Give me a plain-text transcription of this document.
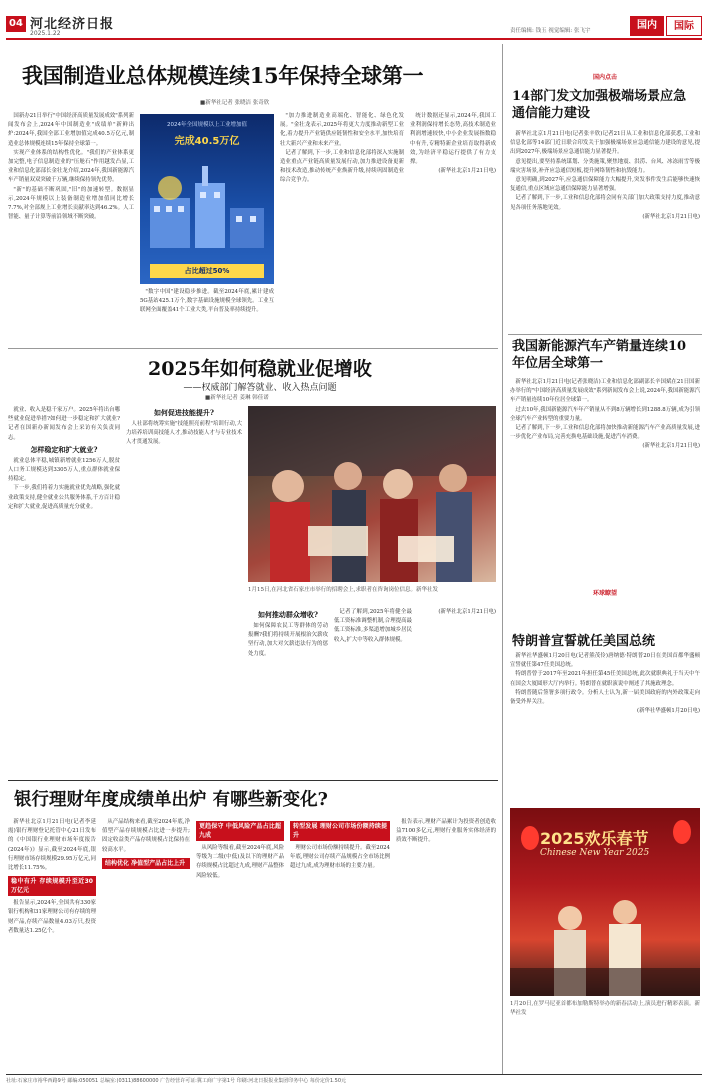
04 河北经济日报
2025.1.22	责任编辑: 钱玉 视觉编辑: 张飞宇	国内	国际
我国制造业总体规模连续15年保持全球第一
■新华社记者 张晓洁 张奇欣

国新办21日举行"中国经济高质量发展成效"系列新闻发布会上,2024年中国制造业"成绩单"新鲜出炉:2024年,我国全部工业增加值完成40.5万亿元,制造业总体规模连续15年保持全球第一。

实现产业体系的结构性优化。"我们的产业体系更加完整,电子信息制造业的"压舱石"作用越发凸显,工业和信息化部部长金壮龙介绍,2024年,我国新能源汽车产销量双双突破千万辆,继续保持领先优势。

"新"的基础不断巩固,"旧"的加速转型。数据显示,2024年规模以上装备制造业增加值同比增长7.7%,对全部规上工业增长贡献率达到46.2%。人工智能、量子计算等前沿领域不断突破。

2024年全国规模以上工业增加值
完成40.5万亿
占比超过50%

"数字中国"建设稳步推进。截至2024年底,累计建成5G基站425.1万个,数字基础设施规模全球领先。工业互联网全面覆盖41个工业大类,平台普及率持续提升。

"加力推进制造业高端化、智能化、绿色化发展。"金壮龙表示,2025年将更大力度推动新型工业化,着力提升产业链供应链韧性和安全水平,加快培育壮大新兴产业和未来产业。

记者了解到,下一步,工业和信息化部将深入实施制造业重点产业链高质量发展行动,加力推进设备更新和技术改造,推动传统产业焕新升级,持续巩固制造业综合竞争力。

统计数据还显示,2024年,我国工业利润保持增长态势,高技术制造业利润增速较快,中小企业发展指数稳中有升,专精特新企业培育取得新成效,为经济平稳运行提供了有力支撑。

(新华社北京1月21日电)

2025年如何稳就业促增收
——权威部门解答就业、收入热点问题
■新华社记者 姜琳 韩佳诺

就业、收入是稳千家万户。2025年将出台哪些就业促进举措?如何进一步稳定和扩大就业?记者在国新办新闻发布会上采访有关负责同志。

怎样稳定和扩大就业?

就业总体平稳,城镇新增就业1256万人,脱贫人口务工规模达到3305万人,重点群体就业保持稳定。

下一步,我们将着力实施就业优先战略,强化就业政策支持,健全就业公共服务体系,千方百计稳定和扩大就业,促进高质量充分就业。

如何促进技能提升?

人社部将统筹实施"技能照亮前程"培训行动,大力培养培训高技能人才,推动技能人才与专业技术人才贯通发展。

1月15日,在河北省石家庄市举行的招聘会上,求职者在咨询岗位信息。新华社发
如何推动群众增收?

如何保障农民工等群体的劳动报酬?我们将持续开展根治欠薪攻坚行动,加大对欠薪违法行为的惩处力度。

记者了解到,2025年将健全最低工资标准调整机制,合理提高最低工资标准,多渠道增加城乡居民收入,扩大中等收入群体规模。

(新华社北京1月21日电)

银行理财年度成绩单出炉 有哪些新变化?

新华社北京1月21日电(记者李延霞)银行理财登记托管中心21日发布的《中国银行业理财市场年度报告(2024年)》显示,截至2024年底,银行理财市场存续规模29.95万亿元,同比增长11.75%。

稳中有升 存续规模升至近30万亿元

报告显示,2024年,全国共有330家银行机构和31家理财公司有存续的理财产品,存续产品数量4.03万只,投资者数量达1.25亿个。

从产品结构来看,截至2024年底,净值型产品存续规模占比进一步提升;固定收益类产品存续规模占比保持在较高水平。

结构优化 净值型产品占比上升
更趋保守 中低风险产品占比超九成

从风险等级看,截至2024年底,风险等级为二级(中低)及以下的理财产品存续规模占比超过九成,理财产品整体风险较低。

转型发展 理财公司市场份额持续提升

理财公司市场份额持续提升。截至2024年底,理财公司存续产品规模占全市场比例超过九成,成为理财市场的主要力量。

报告表示,理财产品累计为投资者创造收益7100多亿元,理财行业服务实体经济的质效不断提升。

国内点击
14部门发文加强极端场景应急通信能力建设

新华社北京1月21日电(记者张辛欣)记者21日从工业和信息化部获悉,工业和信息化部等14部门近日联合印发关于加强极端场景应急通信能力建设的意见,提出到2027年,极端场景应急通信能力显著提升。

意见提出,要坚持系统谋划、分类施策,聚焦地震、洪涝、台风、冰冻雨雪等极端灾害场景,补齐应急通信短板,提升网络韧性和抗毁能力。

意见明确,到2027年,应急通信保障能力大幅提升,突发事件发生后能够快速恢复通信,重点区域应急通信保障能力显著增强。

记者了解到,下一步,工业和信息化部将会同有关部门加大政策支持力度,推动意见各项任务落地见效。

(新华社北京1月21日电)

我国新能源汽车产销量连续10年位居全球第一

新华社北京1月21日电(记者张晓洁)工业和信息化部副部长辛国斌在21日国新办举行的"中国经济高质量发展成效"系列新闻发布会上说,2024年,我国新能源汽车产销量连续10年位居全球第一。

过去10年,我国新能源汽车年产销量从不到8万辆增长到1288.8万辆,成为引领全球汽车产业转型的重要力量。

记者了解到,下一步,工业和信息化部将加快推动新能源汽车产业高质量发展,进一步优化产业布局,完善充换电基础设施,促进汽车消费。

(新华社北京1月21日电)

环球瞭望
特朗普宣誓就任美国总统

新华社华盛顿1月20日电(记者熊茂伶)唐纳德·特朗普20日在美国首都华盛顿宣誓就任第47任美国总统。

特朗普曾于2017年至2021年担任第45任美国总统,此次就职典礼于当天中午在国会大厦圆形大厅内举行。特朗普在就职演说中阐述了其施政理念。

特朗普随后签署多项行政令。分析人士认为,新一届美国政府的内外政策走向备受外界关注。

(新华社华盛顿1月20日电)

2025欢乐春节
Chinese New Year 2025
1月20日,在罗马尼亚首都布加勒斯特举办的新春活动上,演员进行精彩表演。新华社发
社址:石家庄市裕华西路9号 邮编:050051 总编室:(0311)88600000 广告经营许可证:冀工商广字第1号 印刷:河北日报报业集团印务中心 每份定价1.50元
